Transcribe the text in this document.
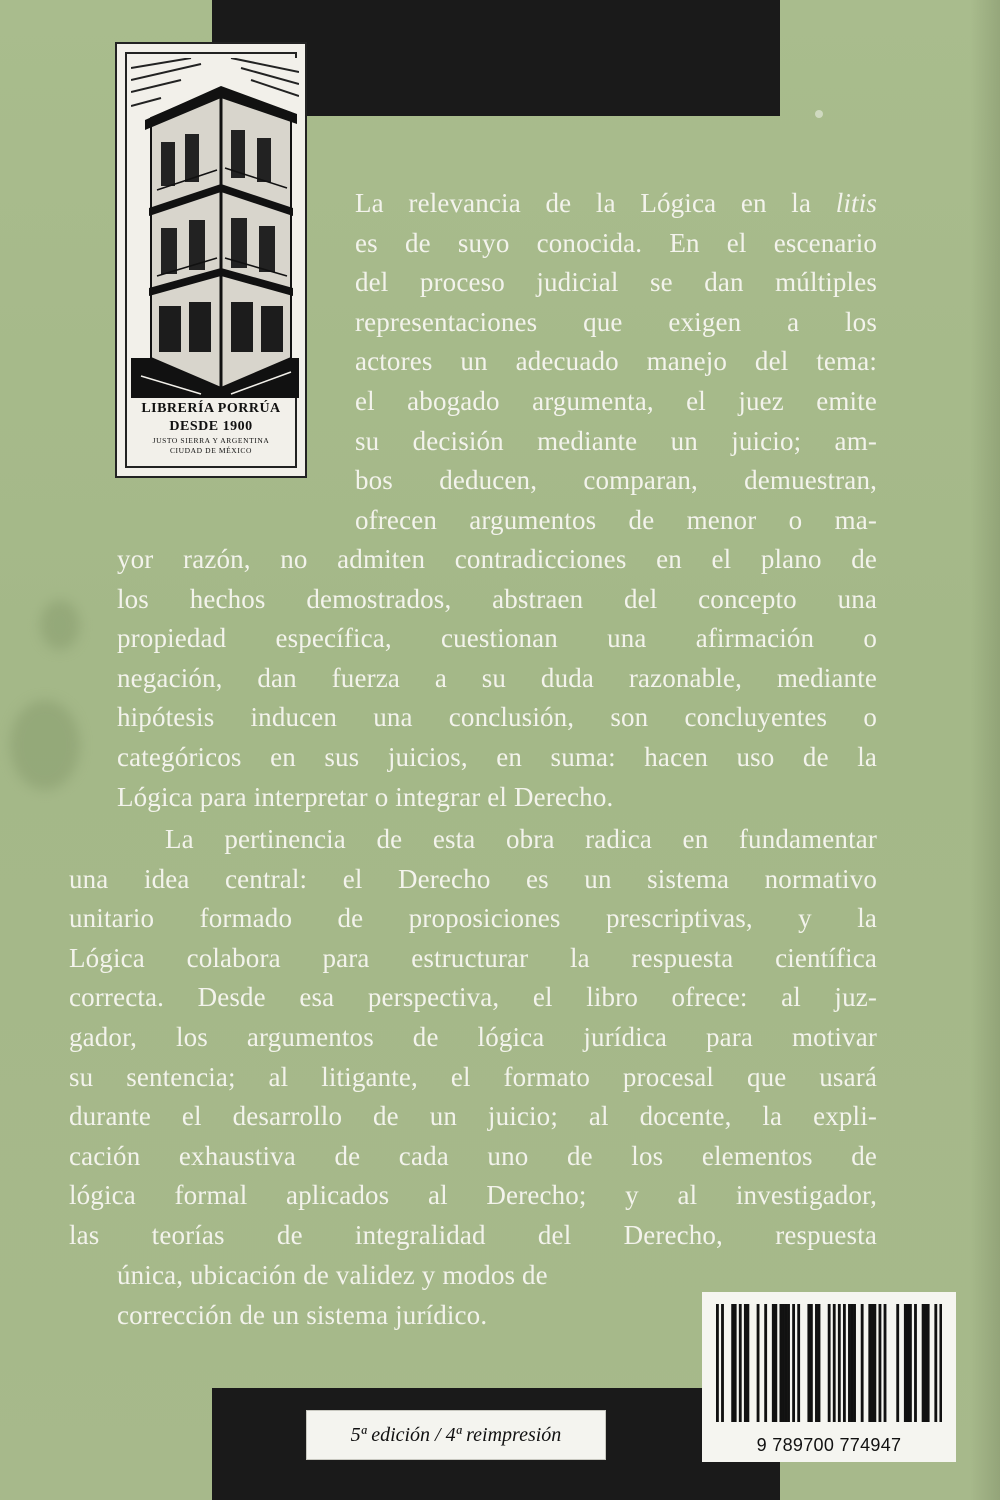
LIBRERÍA PORRÚA
DESDE 1900
JUSTO SIERRA Y ARGENTINA
CIUDAD DE MÉXICO
La relevancia de la Lógica en la litis
es de suyo conocida. En el escenario
del proceso judicial se dan múltiples
representaciones que exigen a los
actores un adecuado manejo del tema:
el abogado argumenta, el juez emite
su decisión mediante un juicio; am-
bos deducen, comparan, demuestran,
ofrecen argumentos de menor o ma-
yor razón, no admiten contradicciones en el plano de
los hechos demostrados, abstraen del concepto una
propiedad específica, cuestionan una afirmación o
negación, dan fuerza a su duda razonable, mediante
hipótesis inducen una conclusión, son concluyentes o
categóricos en sus juicios, en suma: hacen uso de la
Lógica para interpretar o integrar el Derecho.
La pertinencia de esta obra radica en fundamentar
una idea central: el Derecho es un sistema normativo
unitario formado de proposiciones prescriptivas, y la
Lógica colabora para estructurar la respuesta científica
correcta. Desde esa perspectiva, el libro ofrece: al juz-
gador, los argumentos de lógica jurídica para motivar
su sentencia; al litigante, el formato procesal que usará
durante el desarrollo de un juicio; al docente, la expli-
cación exhaustiva de cada uno de los elementos de
lógica formal aplicados al Derecho; y al investigador,
las teorías de integralidad del Derecho, respuesta
única, ubicación de validez y modos de
corrección de un sistema jurídico.
9 789700 774947
5ª edición / 4ª reimpresión
